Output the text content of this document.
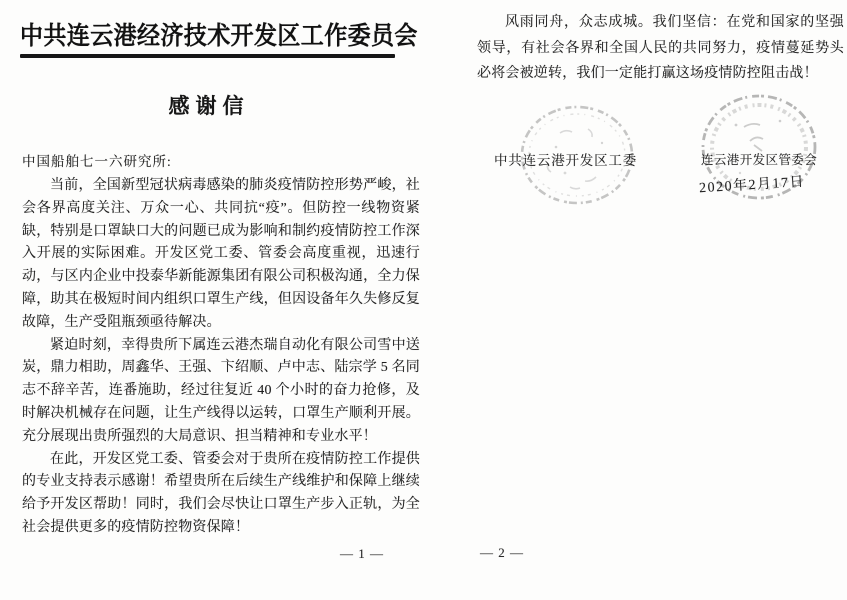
中共连云港经济技术开发区工作委员会
感谢信
中国船舶七一六研究所:

当前，全国新型冠状病毒感染的肺炎疫情防控形势严峻，社会各界高度关注、万众一心、共同抗“疫”。但防控一线物资紧缺，特别是口罩缺口大的问题已成为影响和制约疫情防控工作深入开展的实际困难。开发区党工委、管委会高度重视，迅速行动，与区内企业中投泰华新能源集团有限公司积极沟通，全力保障，助其在极短时间内组织口罩生产线，但因设备年久失修反复故障，生产受阻瓶颈亟待解决。

紧迫时刻，幸得贵所下属连云港杰瑞自动化有限公司雪中送炭，鼎力相助，周鑫华、王强、卞绍顺、卢中志、陆宗学 5 名同志不辞辛苦，连番施助，经过往复近 40 个小时的奋力抢修，及时解决机械存在问题，让生产线得以运转，口罩生产顺利开展。充分展现出贵所强烈的大局意识、担当精神和专业水平！

在此，开发区党工委、管委会对于贵所在疫情防控工作提供的专业支持表示感谢！希望贵所在后续生产线维护和保障上继续给予开发区帮助！同时，我们会尽快让口罩生产步入正轨，为全社会提供更多的疫情防控物资保障！

— 1 —

风雨同舟，众志成城。我们坚信：在党和国家的坚强领导，有社会各界和全国人民的共同努力，疫情蔓延势头必将会被逆转，我们一定能打赢这场疫情防控阻击战！

中共连云港开发区工委	连云港开发区管委会
2020年2月17日
— 2 —
